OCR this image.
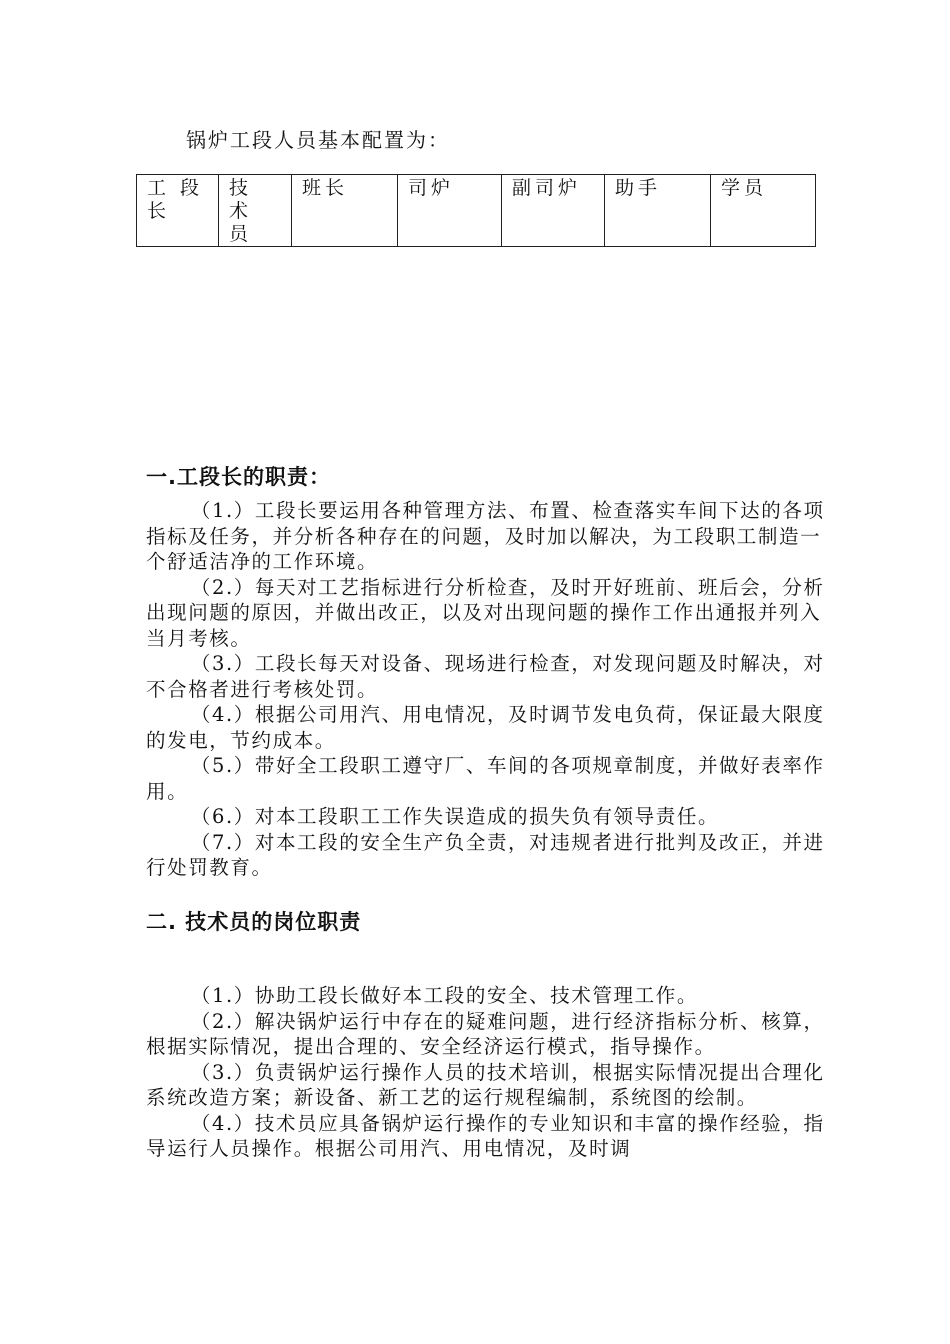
锅炉工段人员基本配置为：
工 段 长	技 术 员	班长	司炉	副司炉	助手	学员
一.工段长的职责：

（1.）工段长要运用各种管理方法、布置、检查落实车间下达的各项指标及任务，并分析各种存在的问题，及时加以解决，为工段职工制造一个舒适洁净的工作环境。

（2.）每天对工艺指标进行分析检查，及时开好班前、班后会，分析出现问题的原因，并做出改正，以及对出现问题的操作工作出通报并列入当月考核。

（3.）工段长每天对设备、现场进行检查，对发现问题及时解决，对不合格者进行考核处罚。

（4.）根据公司用汽、用电情况，及时调节发电负荷，保证最大限度的发电，节约成本。

（5.）带好全工段职工遵守厂、车间的各项规章制度，并做好表率作用。

（6.）对本工段职工工作失误造成的损失负有领导责任。

（7.）对本工段的安全生产负全责，对违规者进行批判及改正，并进行处罚教育。

二. 技术员的岗位职责

（1.）协助工段长做好本工段的安全、技术管理工作。

（2.）解决锅炉运行中存在的疑难问题，进行经济指标分析、核算，根据实际情况，提出合理的、安全经济运行模式，指导操作。

（3.）负责锅炉运行操作人员的技术培训，根据实际情况提出合理化系统改造方案；新设备、新工艺的运行规程编制，系统图的绘制。

（4.）技术员应具备锅炉运行操作的专业知识和丰富的操作经验，指导运行人员操作。根据公司用汽、用电情况，及时调
